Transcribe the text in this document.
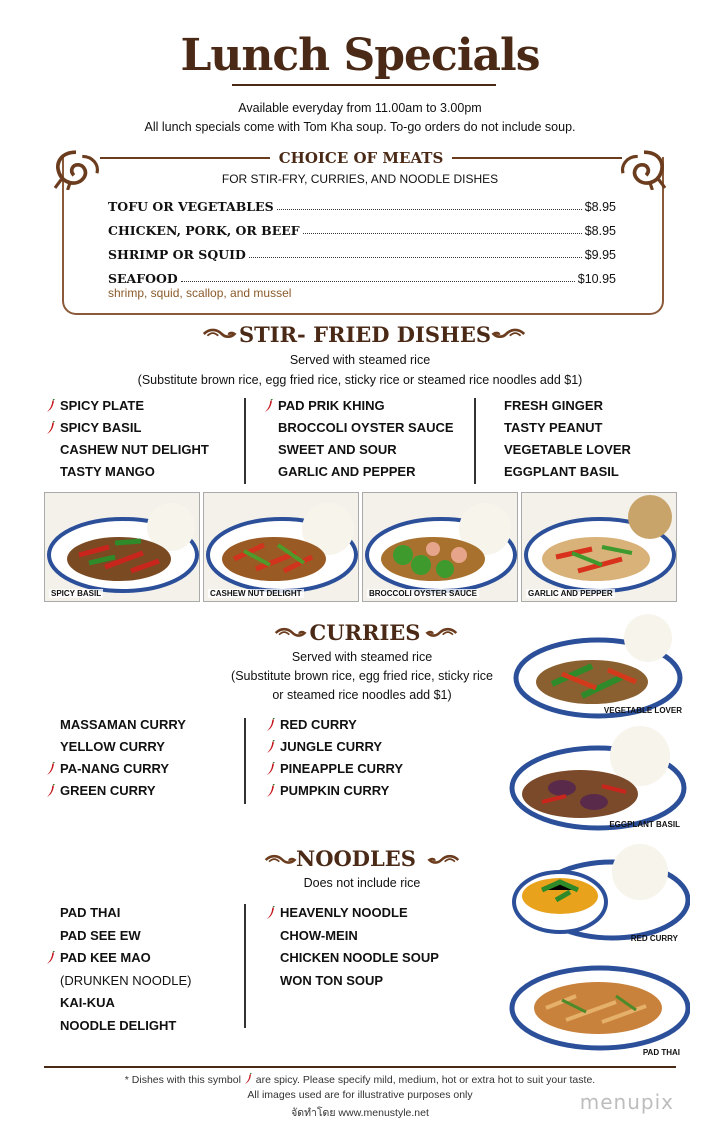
Lunch Specials
Available everyday from 11.00am to 3.00pm
All lunch specials come with Tom Kha soup. To-go orders do not include soup.
CHOICE OF MEATS
FOR STIR-FRY, CURRIES, AND NOODLE DISHES
TOFU OR VEGETABLES	$8.95
CHICKEN, PORK, OR BEEF	$8.95
SHRIMP OR SQUID	$9.95
SEAFOOD	$10.95
shrimp, squid, scallop, and mussel
STIR- FRIED DISHES
Served with steamed rice
(Substitute brown rice, egg fried rice, sticky rice or steamed rice noodles add $1)
SPICY PLATE
SPICY BASIL
CASHEW NUT DELIGHT
TASTY MANGO
PAD PRIK KHING
BROCCOLI OYSTER SAUCE
SWEET AND SOUR
GARLIC AND PEPPER
FRESH GINGER
TASTY PEANUT
VEGETABLE LOVER
EGGPLANT BASIL
SPICY BASIL	CASHEW NUT DELIGHT	BROCCOLI OYSTER SAUCE	GARLIC AND PEPPER
CURRIES
Served with steamed rice
(Substitute brown rice, egg fried rice, sticky rice
or steamed rice noodles add $1)
MASSAMAN CURRY
YELLOW CURRY
PA-NANG CURRY
GREEN CURRY
RED CURRY
JUNGLE CURRY
PINEAPPLE CURRY
PUMPKIN CURRY
NOODLES
Does not include rice
PAD THAI
PAD SEE EW
PAD KEE MAO
(DRUNKEN NOODLE)
KAI-KUA
NOODLE DELIGHT
HEAVENLY NOODLE
CHOW-MEIN
CHICKEN NOODLE SOUP
WON TON SOUP
VEGETABLE LOVER
EGGPLANT BASIL
RED CURRY
PAD THAI
* Dishes with this symbol are spicy. Please specify mild, medium, hot or extra hot to suit your taste.
All images used are for illustrative purposes only
จัดทำโดย www.menustyle.net	menupix
